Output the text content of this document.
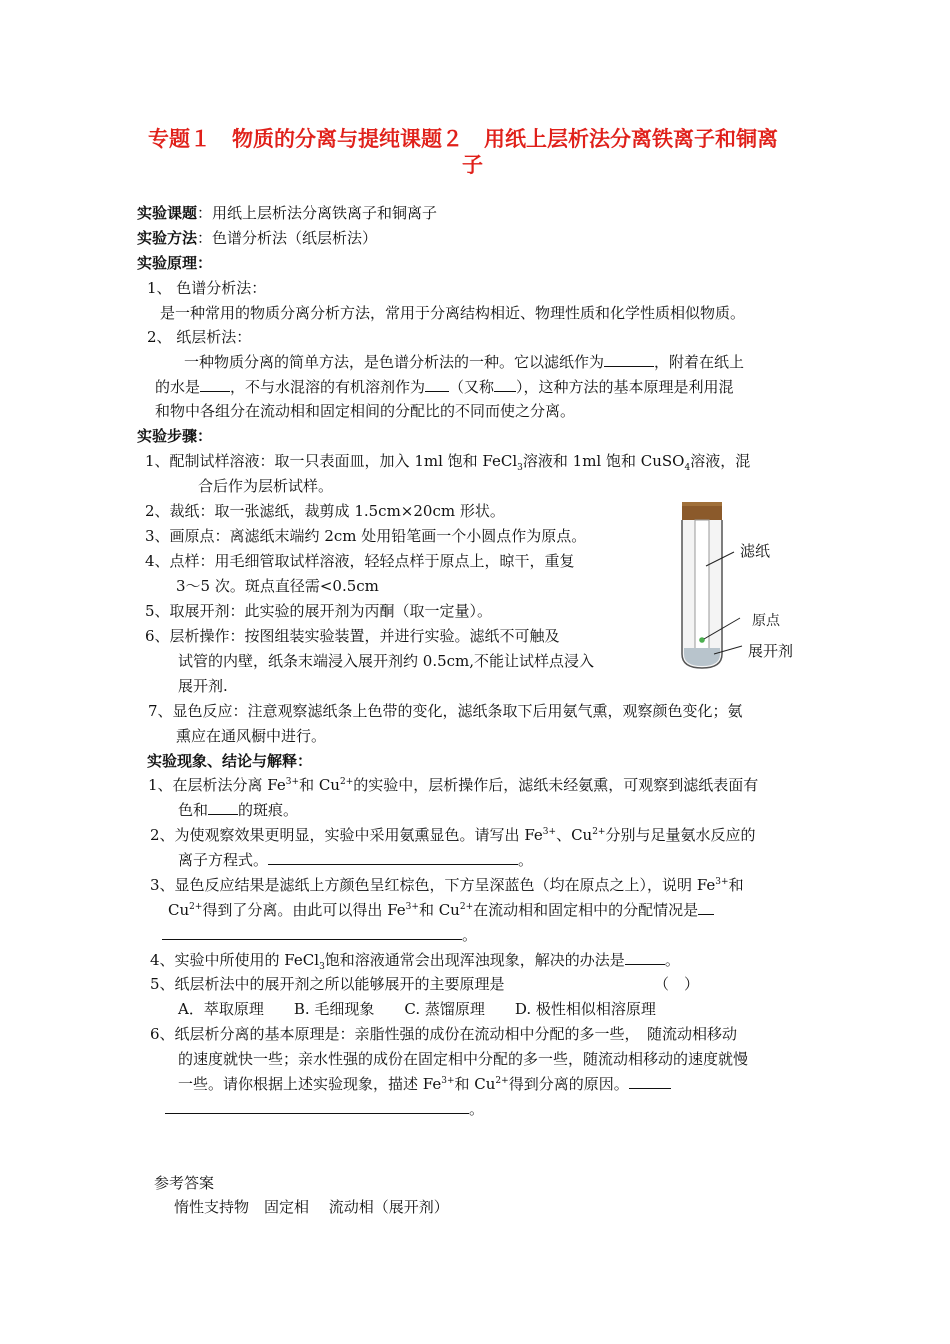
专题１　物质的分离与提纯课题２　用纸上层析法分离铁离子和铜离
子
实验课题：用纸上层析法分离铁离子和铜离子
实验方法：色谱分析法（纸层析法）
实验原理：
1、 色谱分析法：
是一种常用的物质分离分析方法，常用于分离结构相近、物理性质和化学性质相似物质。
2、 纸层析法：
一种物质分离的简单方法，是色谱分析法的一种。它以滤纸作为	，附着在纸上
的水是 ，不与水混溶的有机溶剂作为 （又称 ），这种方法的基本原理是利用混
和物中各组分在流动相和固定相间的分配比的不同而使之分离。
实验步骤：
1、配制试样溶液：取一只表面皿，加入 1ml 饱和 FeCl$_3$溶液和 1ml 饱和 CuSO$_4$溶液，混
合后作为层析试样。
2、裁纸：取一张滤纸，裁剪成 1.5cm×20cm 形状。
3、画原点：离滤纸末端约 2cm 处用铅笔画一个小圆点作为原点。
4、点样：用毛细管取试样溶液，轻轻点样于原点上，晾干，重复
3～5 次。斑点直径需<0.5cm
5、取展开剂：此实验的展开剂为丙酮（取一定量）。
6、层析操作：按图组装实验装置，并进行实验。滤纸不可触及
试管的内壁，纸条末端浸入展开剂约 0.5cm,不能让试样点浸入
展开剂.
7、显色反应：注意观察滤纸条上色带的变化，滤纸条取下后用氨气熏，观察颜色变化；氨
熏应在通风橱中进行。
滤纸
原点
展开剂
实验现象、结论与解释：
1、在层析法分离 $Fe^{3+}$和 $Cu^{2+}$的实验中，层析操作后，滤纸未经氨熏，可观察到滤纸表面有
色和 的斑痕。
2、为使观察效果更明显，实验中采用氨熏显色。请写出 $Fe^{3+}$、$Cu^{2+}$分别与足量氨水反应的
离子方程式。	。
3、显色反应结果是滤纸上方颜色呈红棕色，下方呈深蓝色（均在原点之上），说明 $Fe^{3+}$和
$Cu^{2+}$得到了分离。由此可以得出 $Fe^{3+}$和 $Cu^{2+}$在流动相和固定相中的分配情况是
。
4、实验中所使用的 FeCl$_3$饱和溶液通常会出现浑浊现象，解决的办法是	。
5、纸层析法中的展开剂之所以能够展开的主要原理是	（　）
A．萃取原理　　B. 毛细现象　　C. 蒸馏原理　　D. 极性相似相溶原理
6、纸层析分离的基本原理是：亲脂性强的成份在流动相中分配的多一些，　随流动相移动
的速度就快一些；亲水性强的成份在固定相中分配的多一些，随流动相移动的速度就慢
一些。请你根据上述实验现象，描述 $Fe^{3+}$和 $Cu^{2+}$得到分离的原因。
。
参考答案
惰性支持物　固定相　 流动相（展开剂）
